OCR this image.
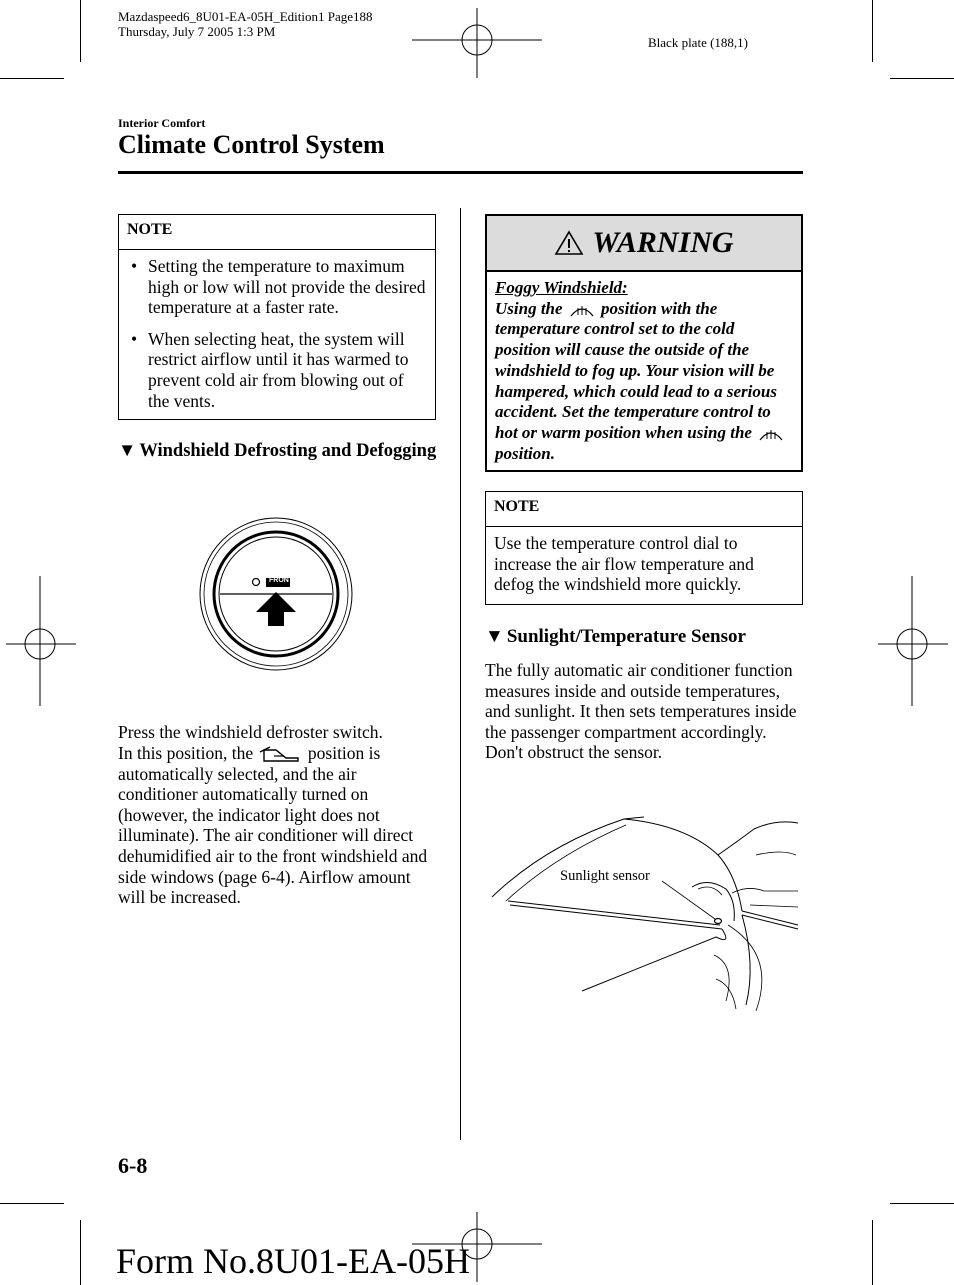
Mazdaspeed6_8U01-EA-05H_Edition1 Page188
Thursday, July 7 2005 1:3 PM
Black plate (188,1)
Interior Comfort
Climate Control System
NOTE
• Setting the temperature to maximum high or low will not provide the desired temperature at a faster rate.
• When selecting heat, the system will restrict airflow until it has warmed to prevent cold air from blowing out of the vents.
▼ Windshield Defrosting and Defogging
FRONT
Press the windshield defroster switch.
In this position, the	position is automatically selected, and the air conditioner automatically turned on (however, the indicator light does not illuminate). The air conditioner will direct dehumidified air to the front windshield and side windows (page 6-4). Airflow amount will be increased.
WARNING
Foggy Windshield:
Using the position with the temperature control set to the cold position will cause the outside of the windshield to fog up. Your vision will be hampered, which could lead to a serious accident. Set the temperature control to hot or warm position when using the  position.
NOTE
Use the temperature control dial to increase the air flow temperature and defog the windshield more quickly.
▼ Sunlight/Temperature Sensor
The fully automatic air conditioner function measures inside and outside temperatures, and sunlight. It then sets temperatures inside the passenger compartment accordingly. Don't obstruct the sensor.
Sunlight sensor
6-8
Form No.8U01-EA-05H
